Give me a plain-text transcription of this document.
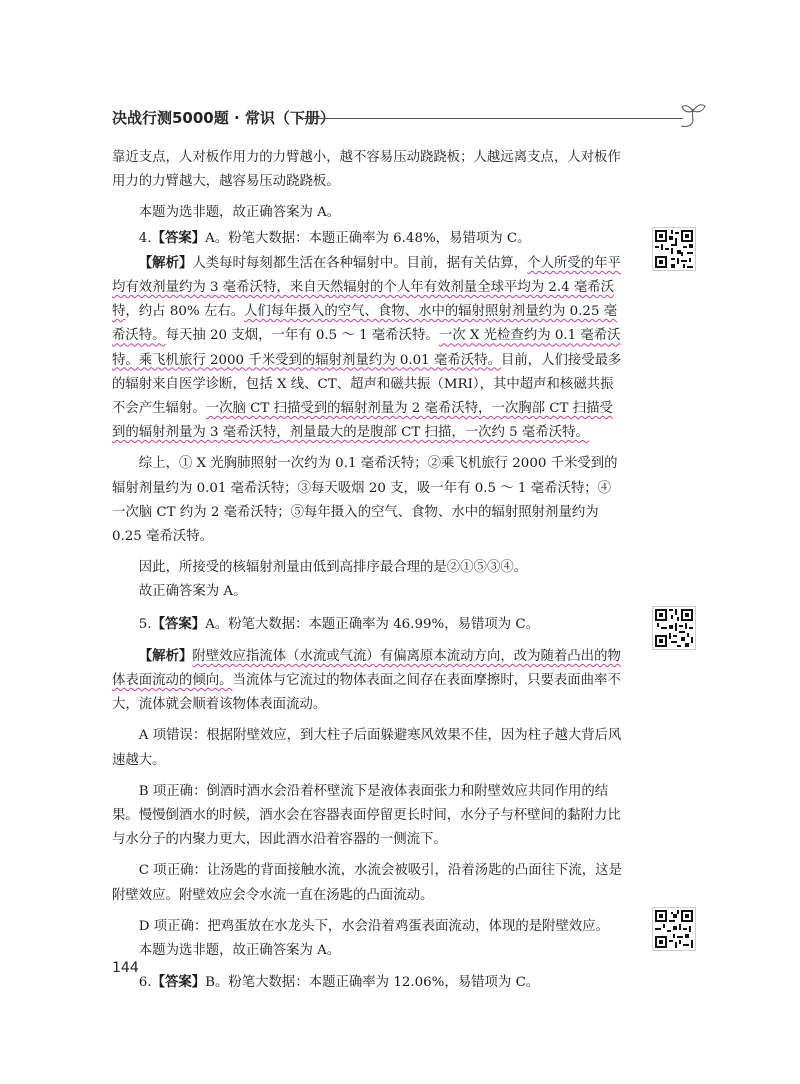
决战行测5000题 · 常识（下册）

靠近支点，人对板作用力的力臂越小，越不容易压动跷跷板；人越远离支点，人对板作用力的力臂越大，越容易压动跷跷板。

本题为选非题，故正确答案为 A。

4.【答案】A。粉笔大数据：本题正确率为 6.48%，易错项为 C。

【解析】人类每时每刻都生活在各种辐射中。目前，据有关估算，个人所受的年平均有效剂量约为 3 毫希沃特，来自天然辐射的个人年有效剂量全球平均为 2.4 毫希沃特，约占 80% 左右。人们每年摄入的空气、食物、水中的辐射照射剂量约为 0.25 毫希沃特。每天抽 20 支烟，一年有 0.5 ～ 1 毫希沃特。一次 X 光检查约为 0.1 毫希沃特。乘飞机旅行 2000 千米受到的辐射剂量约为 0.01 毫希沃特。目前，人们接受最多的辐射来自医学诊断，包括 X 线、CT、超声和磁共振（MRI），其中超声和核磁共振不会产生辐射。一次脑 CT 扫描受到的辐射剂量为 2 毫希沃特，一次胸部 CT 扫描受到的辐射剂量为 3 毫希沃特，剂量最大的是腹部 CT 扫描，一次约 5 毫希沃特。

综上，① X 光胸肺照射一次约为 0.1 毫希沃特；②乘飞机旅行 2000 千米受到的辐射剂量约为 0.01 毫希沃特；③每天吸烟 20 支，吸一年有 0.5 ～ 1 毫希沃特；④一次脑 CT 约为 2 毫希沃特；⑤每年摄入的空气、食物、水中的辐射照射剂量约为 0.25 毫希沃特。

因此，所接受的核辐射剂量由低到高排序最合理的是②①⑤③④。

故正确答案为 A。

5.【答案】A。粉笔大数据：本题正确率为 46.99%，易错项为 C。

【解析】附壁效应指流体（水流或气流）有偏离原本流动方向，改为随着凸出的物体表面流动的倾向。当流体与它流过的物体表面之间存在表面摩擦时，只要表面曲率不大，流体就会顺着该物体表面流动。

A 项错误：根据附壁效应，到大柱子后面躲避寒风效果不佳，因为柱子越大背后风速越大。

B 项正确：倒酒时酒水会沿着杯壁流下是液体表面张力和附壁效应共同作用的结果。慢慢倒酒水的时候，酒水会在容器表面停留更长时间，水分子与杯壁间的黏附力比与水分子的内聚力更大，因此酒水沿着容器的一侧流下。

C 项正确：让汤匙的背面接触水流，水流会被吸引，沿着汤匙的凸面往下流，这是附壁效应。附壁效应会令水流一直在汤匙的凸面流动。

D 项正确：把鸡蛋放在水龙头下，水会沿着鸡蛋表面流动，体现的是附壁效应。

本题为选非题，故正确答案为 A。

6.【答案】B。粉笔大数据：本题正确率为 12.06%，易错项为 C。

144
